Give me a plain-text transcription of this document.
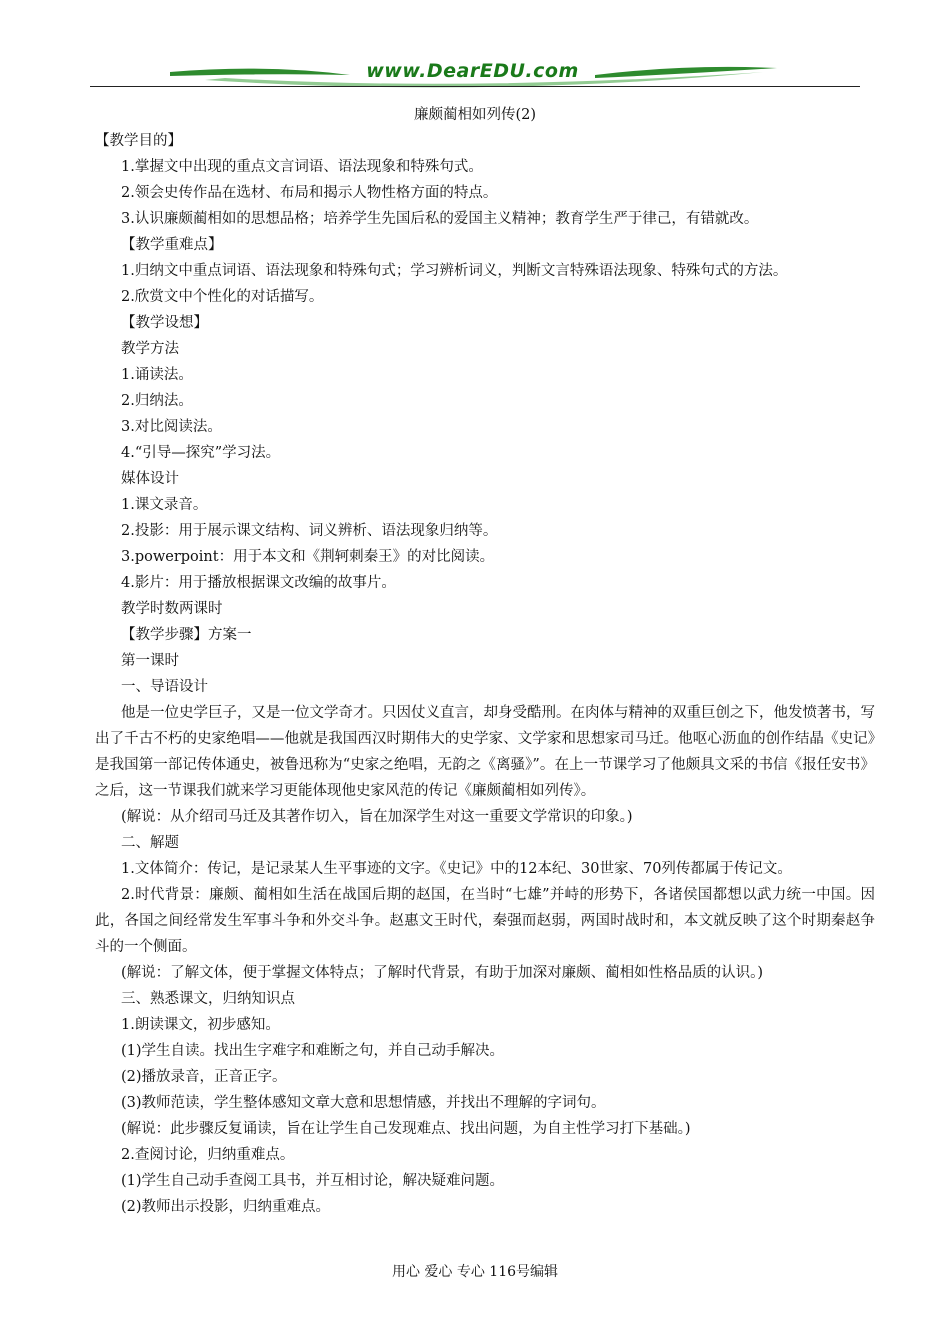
www.DearEDU.com
廉颇蔺相如列传(2)
【教学目的】
1.掌握文中出现的重点文言词语、语法现象和特殊句式。
2.领会史传作品在选材、布局和揭示人物性格方面的特点。
3.认识廉颇蔺相如的思想品格；培养学生先国后私的爱国主义精神；教育学生严于律己，有错就改。
【教学重难点】
1.归纳文中重点词语、语法现象和特殊句式；学习辨析词义，判断文言特殊语法现象、特殊句式的方法。
2.欣赏文中个性化的对话描写。
【教学设想】
教学方法
1.诵读法。
2.归纳法。
3.对比阅读法。
4.“引导—探究”学习法。
媒体设计
1.课文录音。
2.投影：用于展示课文结构、词义辨析、语法现象归纳等。
3.powerpoint：用于本文和《荆轲刺秦王》的对比阅读。
4.影片：用于播放根据课文改编的故事片。
教学时数两课时
【教学步骤】方案一
第一课时
一、导语设计
他是一位史学巨子，又是一位文学奇才。只因仗义直言，却身受酷刑。在肉体与精神的双重巨创之下，他发愤著书，写出了千古不朽的史家绝唱——他就是我国西汉时期伟大的史学家、文学家和思想家司马迁。他呕心沥血的创作结晶《史记》是我国第一部记传体通史，被鲁迅称为“史家之绝唱，无韵之《离骚》”。在上一节课学习了他颇具文采的书信《报任安书》之后，这一节课我们就来学习更能体现他史家风范的传记《廉颇蔺相如列传》。
(解说：从介绍司马迁及其著作切入，旨在加深学生对这一重要文学常识的印象。)
二、解题
1.文体简介：传记，是记录某人生平事迹的文字。《史记》中的12本纪、30世家、70列传都属于传记文。
2.时代背景：廉颇、蔺相如生活在战国后期的赵国，在当时“七雄”并峙的形势下，各诸侯国都想以武力统一中国。因此，各国之间经常发生军事斗争和外交斗争。赵惠文王时代，秦强而赵弱，两国时战时和，本文就反映了这个时期秦赵争斗的一个侧面。
(解说：了解文体，便于掌握文体特点；了解时代背景，有助于加深对廉颇、蔺相如性格品质的认识。)
三、熟悉课文，归纳知识点
1.朗读课文，初步感知。
(1)学生自读。找出生字难字和难断之句，并自己动手解决。
(2)播放录音，正音正字。
(3)教师范读，学生整体感知文章大意和思想情感，并找出不理解的字词句。
(解说：此步骤反复诵读，旨在让学生自己发现难点、找出问题，为自主性学习打下基础。)
2.查阅讨论，归纳重难点。
(1)学生自己动手查阅工具书，并互相讨论，解决疑难问题。
(2)教师出示投影，归纳重难点。
用心 爱心 专心 116号编辑
